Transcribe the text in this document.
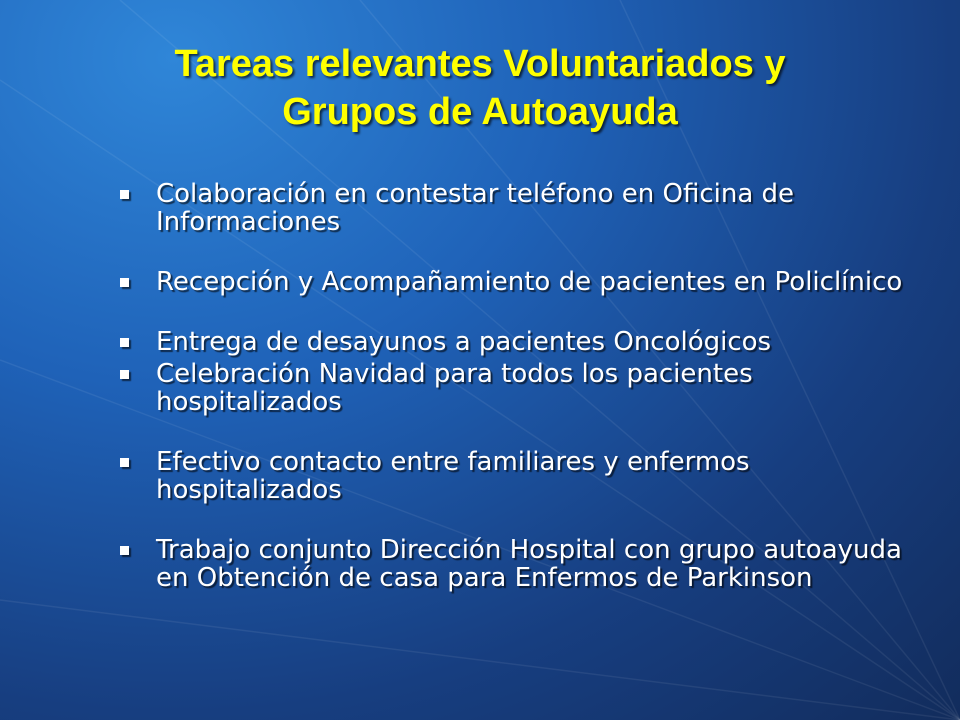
Tareas relevantes Voluntariados y
Grupos de Autoayuda
Colaboración en contestar teléfono en Oficina de Informaciones
Recepción y Acompañamiento de pacientes en Policlínico
Entrega de desayunos a pacientes Oncológicos
Celebración Navidad para todos los pacientes hospitalizados
Efectivo contacto entre familiares y enfermos hospitalizados
Trabajo conjunto Dirección Hospital con grupo autoayuda en Obtención de casa para Enfermos de Parkinson
